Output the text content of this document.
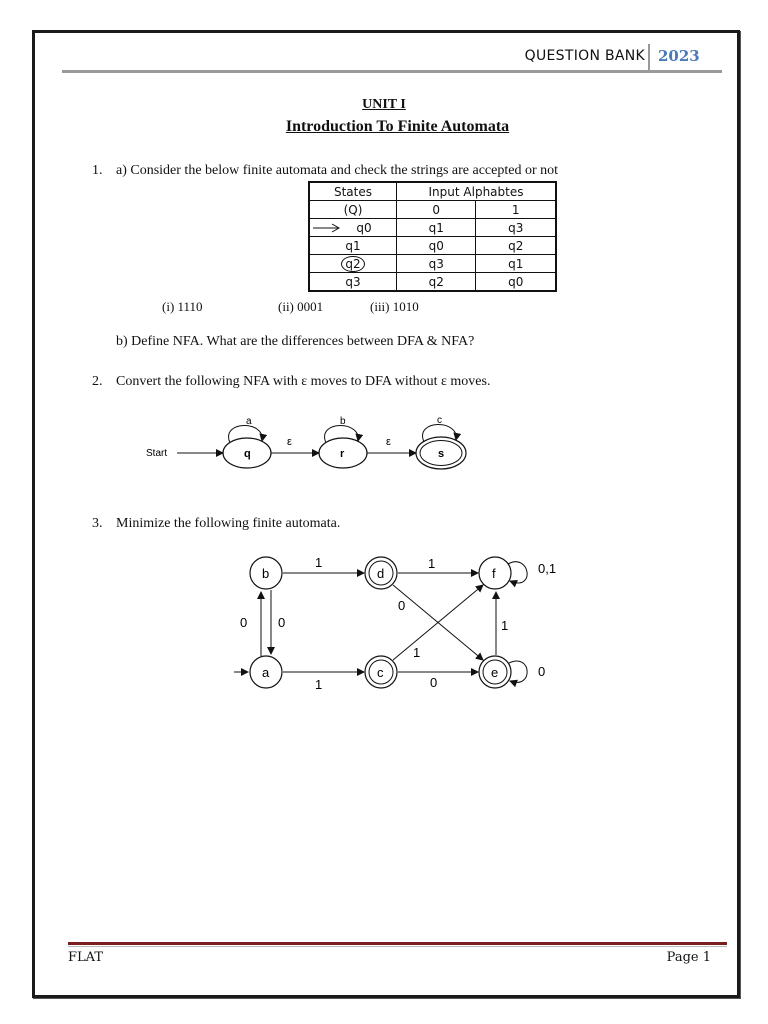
QUESTION BANK 2023
UNIT I
Introduction To Finite Automata
1. a) Consider the below finite automata and check the strings are accepted or not
States	Input Alphabtes	
(Q)	0	1

q0	q1	q3
q1	q0	q2
q2	q3	q1
q3	q2	q0
(i) 1110	(ii) 0001	(iii) 1010
b) Define NFA. What are the differences between DFA & NFA?
2. Convert the following NFA with ε moves to DFA without ε moves.
Start	q
a
ε
r
b
ε
s
c
3. Minimize the following finite automata.
1	1	0,1
0 0
0
1
1
1	0
0
b	d	f
a	c	e
FLAT	Page 1
